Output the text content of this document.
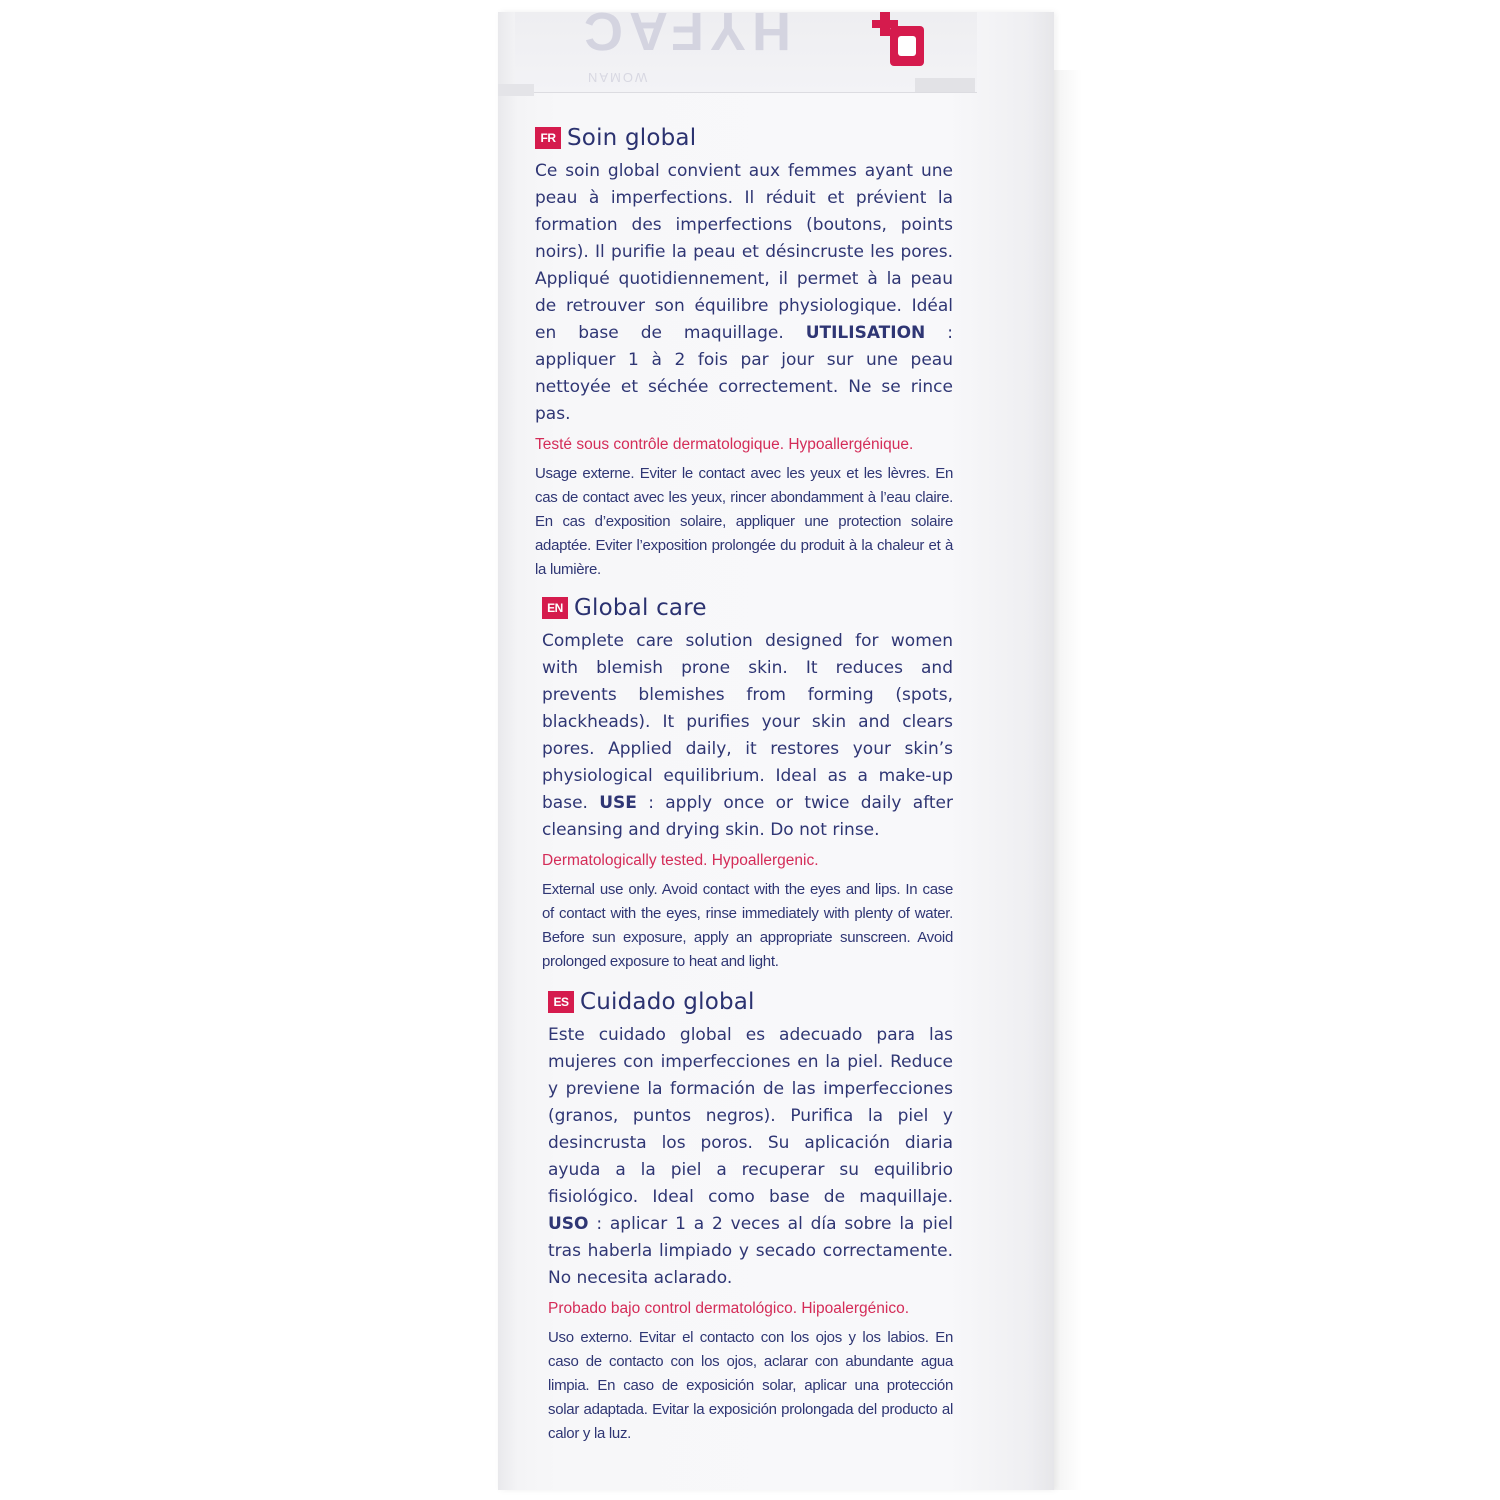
WOMAN
HYFAC
FR Soin global

Ce soin global convient aux femmes ayant une peau à imperfections. Il réduit et prévient la formation des imperfections (boutons, points noirs). Il purifie la peau et désincruste les pores. Appliqué quotidiennement, il permet à la peau de retrouver son équilibre physiologique. Idéal en base de maquillage. UTILISATION : appliquer 1 à 2 fois par jour sur une peau nettoyée et séchée correctement. Ne se rince pas.

Testé sous contrôle dermatologique. Hypoallergénique.

Usage externe. Eviter le contact avec les yeux et les lèvres. En cas de contact avec les yeux, rincer abondamment à l’eau claire. En cas d’exposition solaire, appliquer une protection solaire adaptée. Eviter l’exposition prolongée du produit à la chaleur et à la lumière.

EN Global care

Complete care solution designed for women with blemish prone skin. It reduces and prevents blemishes from forming (spots, blackheads). It purifies your skin and clears pores. Applied daily, it restores your skin’s physiological equilibrium. Ideal as a make-up base. USE : apply once or twice daily after cleansing and drying skin. Do not rinse.

Dermatologically tested. Hypoallergenic.

External use only. Avoid contact with the eyes and lips. In case of contact with the eyes, rinse immediately with plenty of water. Before sun exposure, apply an appropriate sunscreen. Avoid prolonged exposure to heat and light.

ES Cuidado global

Este cuidado global es adecuado para las mujeres con imperfecciones en la piel. Reduce y previene la formación de las imperfecciones (granos, puntos negros). Purifica la piel y desincrusta los poros. Su aplicación diaria ayuda a la piel a recuperar su equilibrio fisiológico. Ideal como base de maquillaje. USO : aplicar 1 a 2 veces al día sobre la piel tras haberla limpiado y secado correctamente. No necesita aclarado.

Probado bajo control dermatológico. Hipoalergénico.

Uso externo. Evitar el contacto con los ojos y los labios. En caso de contacto con los ojos, aclarar con abundante agua limpia. En caso de exposición solar, aplicar una protección solar adaptada. Evitar la exposición prolongada del producto al calor y la luz.
